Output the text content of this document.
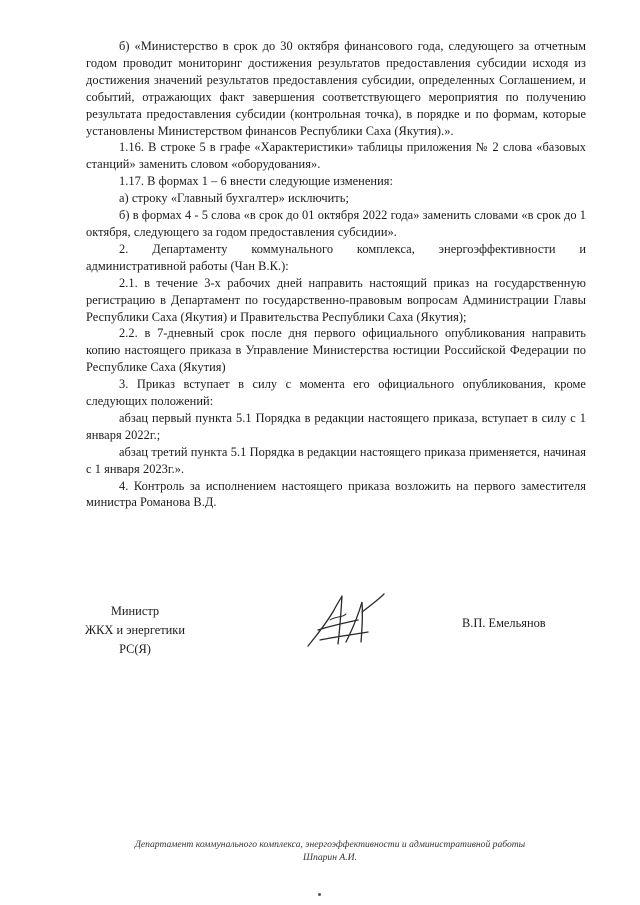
б) «Министерство в срок до 30 октября финансового года, следующего за отчетным годом проводит мониторинг достижения результатов предоставления субсидии исходя из достижения значений результатов предоставления субсидии, определенных Соглашением, и событий, отражающих факт завершения соответствующего мероприятия по получению результата предоставления субсидии (контрольная точка), в порядке и по формам, которые установлены Министерством финансов Республики Саха (Якутия).».

1.16. В строке 5 в графе «Характеристики» таблицы приложения № 2 слова «базовых станций» заменить словом «оборудования».

1.17. В формах 1 – 6 внести следующие изменения:

а) строку «Главный бухгалтер» исключить;

б) в формах 4 - 5 слова «в срок до 01 октября 2022 года» заменить словами «в срок до 1 октября, следующего за годом предоставления субсидии».

2. Департаменту коммунального комплекса, энергоэффективности и административной работы (Чан В.К.):

2.1. в течение 3-х рабочих дней направить настоящий приказ на государственную регистрацию в Департамент по государственно-правовым вопросам Администрации Главы Республики Саха (Якутия) и Правительства Республики Саха (Якутия);

2.2. в 7-дневный срок после дня первого официального опубликования направить копию настоящего приказа в Управление Министерства юстиции Российской Федерации по Республике Саха (Якутия)

3. Приказ вступает в силу с момента его официального опубликования, кроме следующих положений:

абзац первый пункта 5.1 Порядка в редакции настоящего приказа, вступает в силу с 1 января 2022г.;

абзац третий пункта 5.1 Порядка в редакции настоящего приказа применяется, начиная с 1 января 2023г.».

4. Контроль за исполнением настоящего приказа возложить на первого заместителя министра Романова В.Д.

Министр
ЖКХ и энергетики
РС(Я)
В.П. Емельянов
Департамент коммунального комплекса, энергоэффективности и административной работы
Шпарин А.И.
